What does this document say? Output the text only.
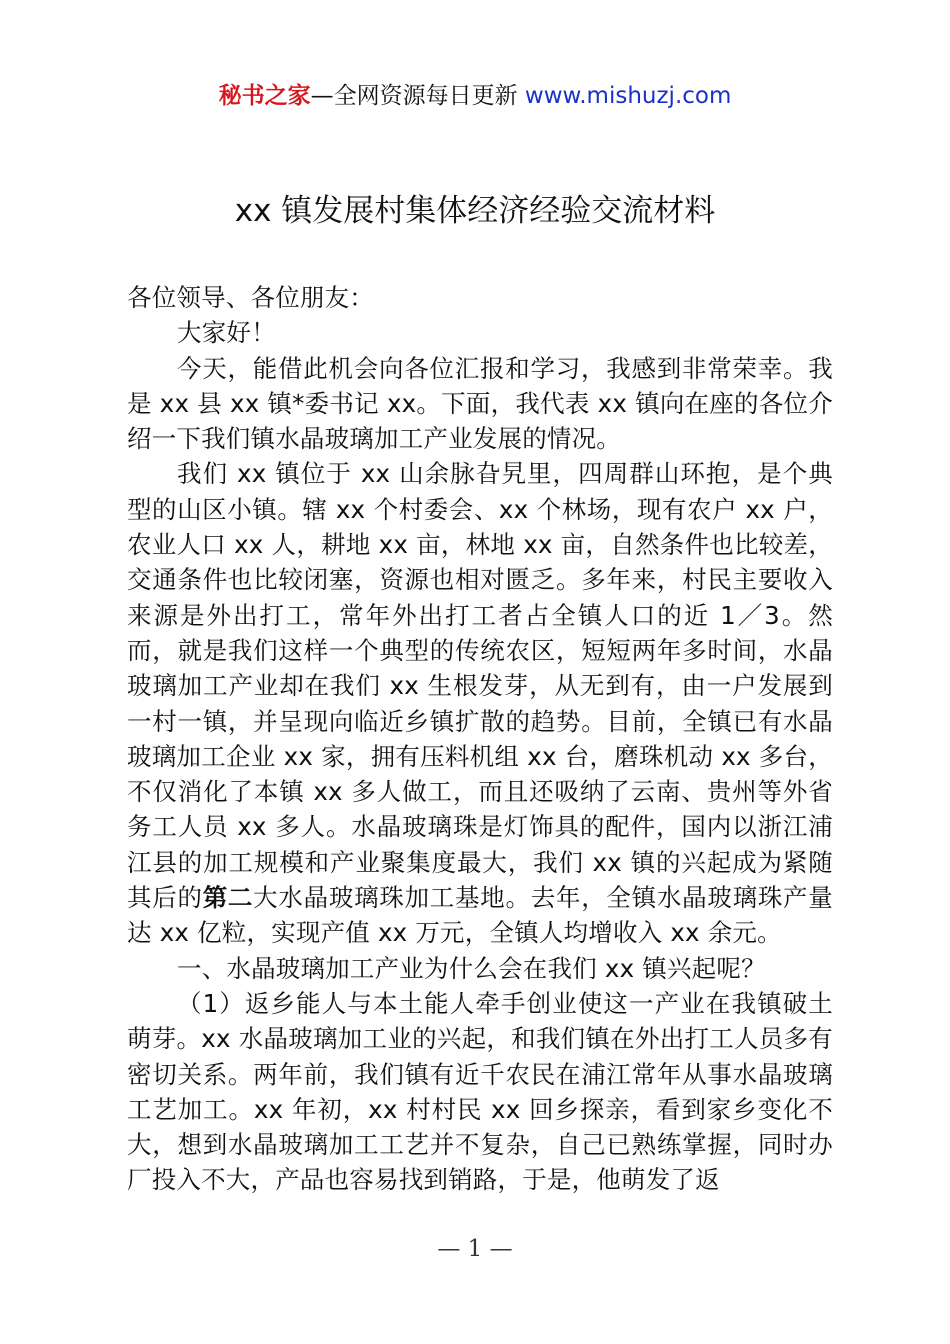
秘书之家—全网资源每日更新 www.mishuzj.com
xx 镇发展村集体经济经验交流材料

各位领导、各位朋友：

大家好！

今天，能借此机会向各位汇报和学习，我感到非常荣幸。我是 xx 县 xx 镇*委书记 xx。下面，我代表 xx 镇向在座的各位介绍一下我们镇水晶玻璃加工产业发展的情况。

我们 xx 镇位于 xx 山余脉旮旯里，四周群山环抱，是个典型的山区小镇。辖 xx 个村委会、xx 个林场，现有农户 xx 户，农业人口 xx 人，耕地 xx 亩，林地 xx 亩，自然条件也比较差，交通条件也比较闭塞，资源也相对匮乏。多年来，村民主要收入来源是外出打工，常年外出打工者占全镇人口的近 1／3。然而，就是我们这样一个典型的传统农区，短短两年多时间，水晶玻璃加工产业却在我们 xx 生根发芽，从无到有，由一户发展到一村一镇，并呈现向临近乡镇扩散的趋势。目前，全镇已有水晶玻璃加工企业 xx 家，拥有压料机组 xx 台，磨珠机动 xx 多台，不仅消化了本镇 xx 多人做工，而且还吸纳了云南、贵州等外省务工人员 xx 多人。水晶玻璃珠是灯饰具的配件，国内以浙江浦江县的加工规模和产业聚集度最大，我们 xx 镇的兴起成为紧随其后的第二大水晶玻璃珠加工基地。去年，全镇水晶玻璃珠产量达 xx 亿粒，实现产值 xx 万元，全镇人均增收入 xx 余元。

一、水晶玻璃加工产业为什么会在我们 xx 镇兴起呢？

（1）返乡能人与本土能人牵手创业使这一产业在我镇破土萌芽。xx 水晶玻璃加工业的兴起，和我们镇在外出打工人员多有密切关系。两年前，我们镇有近千农民在浦江常年从事水晶玻璃工艺加工。xx 年初，xx 村村民 xx 回乡探亲，看到家乡变化不大，想到水晶玻璃加工工艺并不复杂，自己已熟练掌握，同时办厂投入不大，产品也容易找到销路，于是，他萌发了返

— 1 —
